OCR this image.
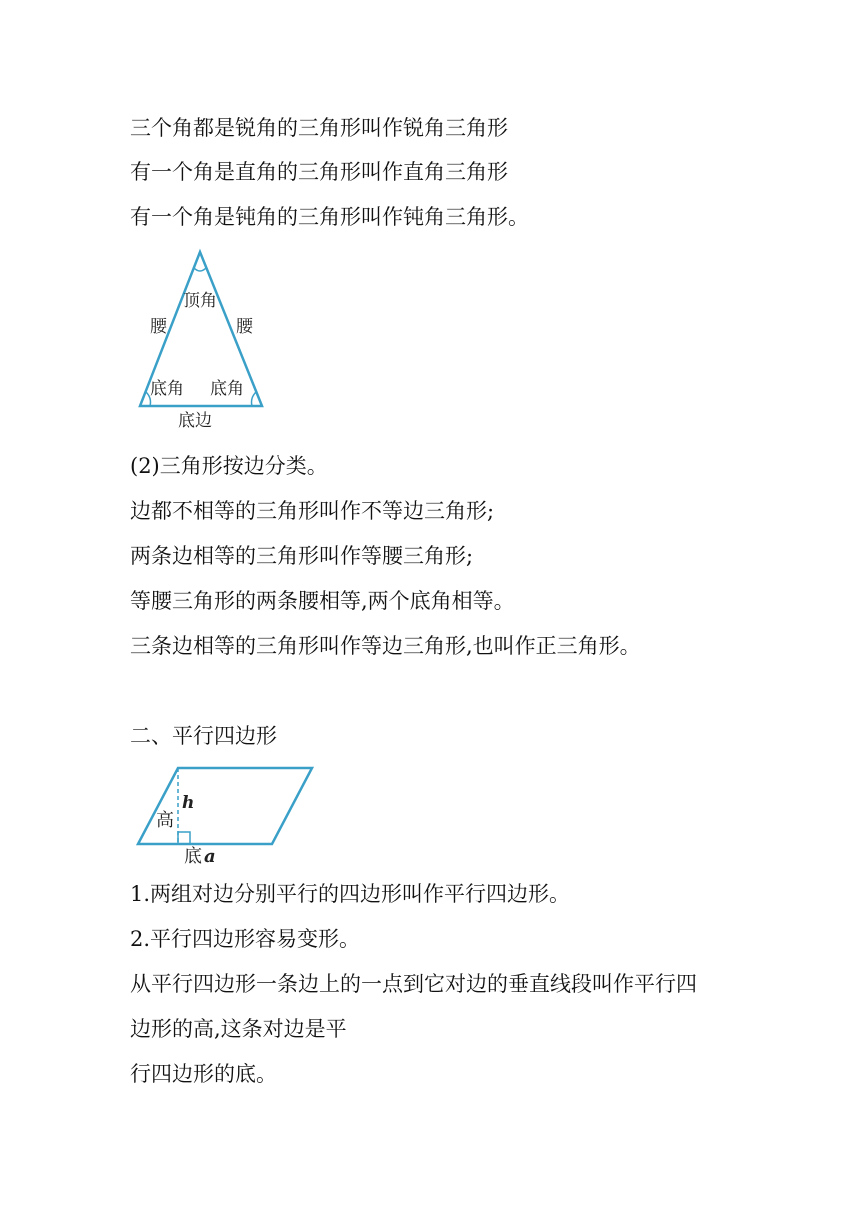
三个角都是锐角的三角形叫作锐角三角形
有一个角是直角的三角形叫作直角三角形
有一个角是钝角的三角形叫作钝角三角形。
顶角
腰	腰
底角 底角
底边
(2)三角形按边分类。
边都不相等的三角形叫作不等边三角形;
两条边相等的三角形叫作等腰三角形;
等腰三角形的两条腰相等,两个底角相等。
三条边相等的三角形叫作等边三角形,也叫作正三角形。
二、平行四边形
h
高
底 a
1.两组对边分别平行的四边形叫作平行四边形。
2.平行四边形容易变形。
从平行四边形一条边上的一点到它对边的垂直线段叫作平行四
边形的高,这条对边是平
行四边形的底。
